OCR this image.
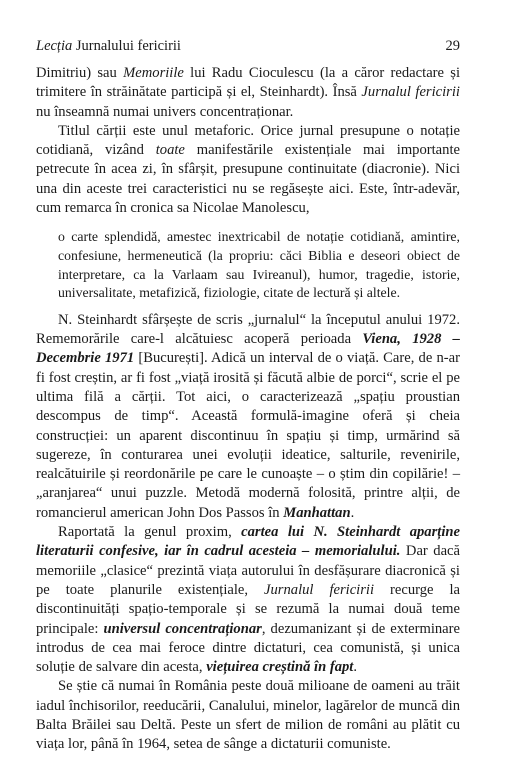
Lecția Jurnalului fericirii	29

Dimitriu) sau Memoriile lui Radu Cioculescu (la a căror redactare și trimitere în străinătate participă și el, Steinhardt). Însă Jurnalul fericirii nu înseamnă numai univers concentraționar.

Titlul cărții este unul metaforic. Orice jurnal presupune o notație cotidiană, vizând toate manifestările existențiale mai importante petrecute în acea zi, în sfârșit, presupune continuitate (diacronie). Nici una din aceste trei caracteristici nu se regăsește aici. Este, într-adevăr, cum remarca în cronica sa Nicolae Manolescu,

o carte splendidă, amestec inextricabil de notație cotidiană, amintire, confesiune, hermeneutică (la propriu: căci Biblia e deseori obiect de interpretare, ca la Varlaam sau Ivireanul), humor, tragedie, istorie, universalitate, metafizică, fiziologie, citate de lectură și altele.

N. Steinhardt sfârșește de scris „jurnalul“ la începutul anului 1972. Rememorările care-l alcătuiesc acoperă perioada Viena, 1928 – Decembrie 1971 [București]. Adică un interval de o viață. Care, de n-ar fi fost creștin, ar fi fost „viață irosită și făcută albie de porci“, scrie el pe ultima filă a cărții. Tot aici, o caracterizează „spațiu proustian descompus de timp“. Această formulă-imagine oferă și cheia construcției: un aparent discontinuu în spațiu și timp, urmărind să sugereze, în conturarea unei evoluții ideatice, salturile, revenirile, realcătuirile și reordonările pe care le cunoaște – o știm din copilărie! – „aranjarea“ unui puzzle. Metodă modernă folosită, printre alții, de romancierul american John Dos Passos în Manhattan.

Raportată la genul proxim, cartea lui N. Steinhardt aparține literaturii confesive, iar în cadrul acesteia – memorialului. Dar dacă memoriile „clasice“ prezintă viața autorului în desfășurare diacronică și pe toate planurile existențiale, Jurnalul fericirii recurge la discontinuități spațio-temporale și se rezumă la numai două teme principale: universul concentraționar, dezumanizant și de exterminare introdus de cea mai feroce dintre dictaturi, cea comunistă, și unica soluție de salvare din acesta, viețuirea creștină în fapt.

Se știe că numai în România peste două milioane de oameni au trăit iadul închisorilor, reeducării, Canalului, minelor, lagărelor de muncă din Balta Brăilei sau Deltă. Peste un sfert de milion de români au plătit cu viața lor, până în 1964, setea de sânge a dictaturii comuniste.
